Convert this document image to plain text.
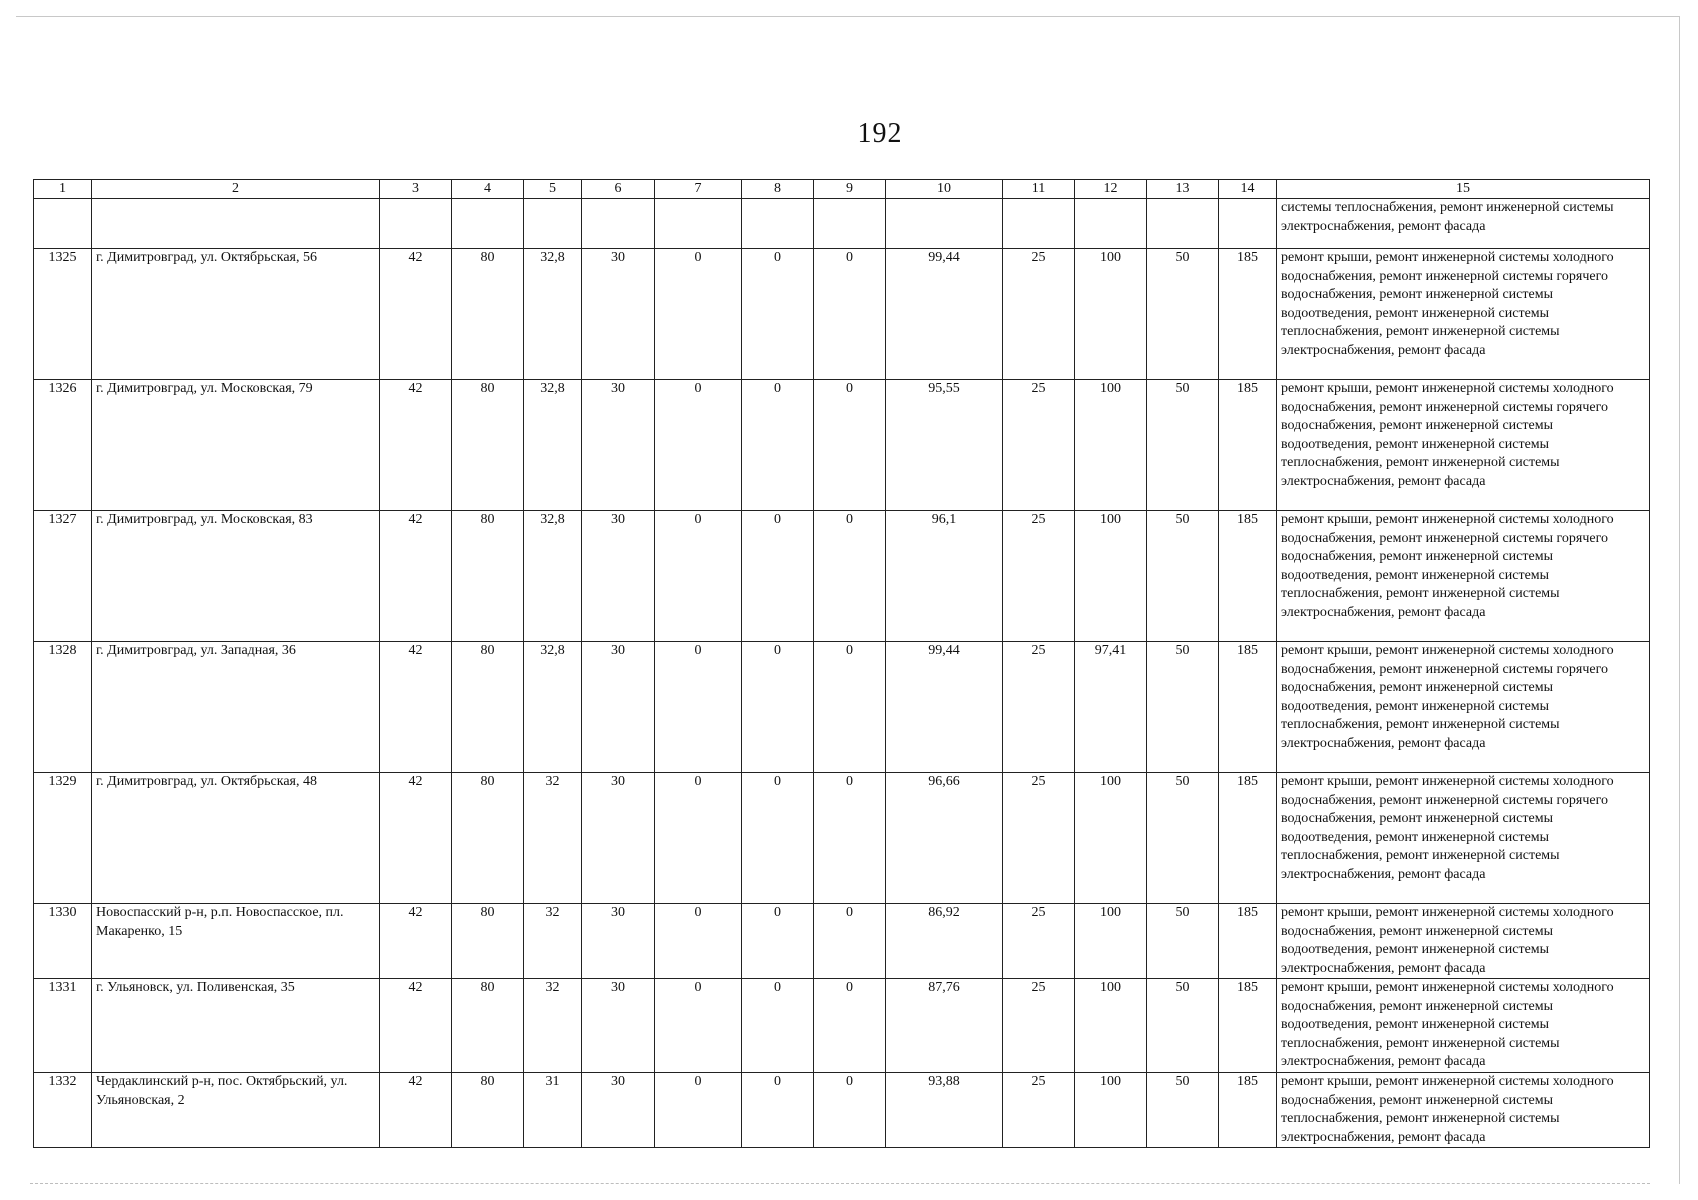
192
1	2	3	4	5	6	7	8	9	10	11	12	13	14	15
														системы теплоснабжения, ремонт инженерной системы электроснабжения, ремонт фасада
1325	г. Димитровград, ул. Октябрьская, 56	42	80	32,8	30	0	0	0	99,44	25	100	50	185	ремонт крыши, ремонт инженерной системы холодного водоснабжения, ремонт инженерной системы горячего водоснабжения, ремонт инженерной системы водоотведения, ремонт инженерной системы теплоснабжения, ремонт инженерной системы электроснабжения, ремонт фасада
1326	г. Димитровград, ул. Московская, 79	42	80	32,8	30	0	0	0	95,55	25	100	50	185	ремонт крыши, ремонт инженерной системы холодного водоснабжения, ремонт инженерной системы горячего водоснабжения, ремонт инженерной системы водоотведения, ремонт инженерной системы теплоснабжения, ремонт инженерной системы электроснабжения, ремонт фасада
1327	г. Димитровград, ул. Московская, 83	42	80	32,8	30	0	0	0	96,1	25	100	50	185	ремонт крыши, ремонт инженерной системы холодного водоснабжения, ремонт инженерной системы горячего водоснабжения, ремонт инженерной системы водоотведения, ремонт инженерной системы теплоснабжения, ремонт инженерной системы электроснабжения, ремонт фасада
1328	г. Димитровград, ул. Западная, 36	42	80	32,8	30	0	0	0	99,44	25	97,41	50	185	ремонт крыши, ремонт инженерной системы холодного водоснабжения, ремонт инженерной системы горячего водоснабжения, ремонт инженерной системы водоотведения, ремонт инженерной системы теплоснабжения, ремонт инженерной системы электроснабжения, ремонт фасада
1329	г. Димитровград, ул. Октябрьская, 48	42	80	32	30	0	0	0	96,66	25	100	50	185	ремонт крыши, ремонт инженерной системы холодного водоснабжения, ремонт инженерной системы горячего водоснабжения, ремонт инженерной системы водоотведения, ремонт инженерной системы теплоснабжения, ремонт инженерной системы электроснабжения, ремонт фасада
1330	Новоспасский р-н, р.п. Новоспасское, пл. Макаренко, 15	42	80	32	30	0	0	0	86,92	25	100	50	185	ремонт крыши, ремонт инженерной системы холодного водоснабжения, ремонт инженерной системы водоотведения, ремонт инженерной системы электроснабжения, ремонт фасада
1331	г. Ульяновск, ул. Поливенская, 35	42	80	32	30	0	0	0	87,76	25	100	50	185	ремонт крыши, ремонт инженерной системы холодного водоснабжения, ремонт инженерной системы водоотведения, ремонт инженерной системы теплоснабжения, ремонт инженерной системы электроснабжения, ремонт фасада
1332	Чердаклинский р-н, пос. Октябрьский, ул. Ульяновская, 2	42	80	31	30	0	0	0	93,88	25	100	50	185	ремонт крыши, ремонт инженерной системы холодного водоснабжения, ремонт инженерной системы теплоснабжения, ремонт инженерной системы электроснабжения, ремонт фасада
